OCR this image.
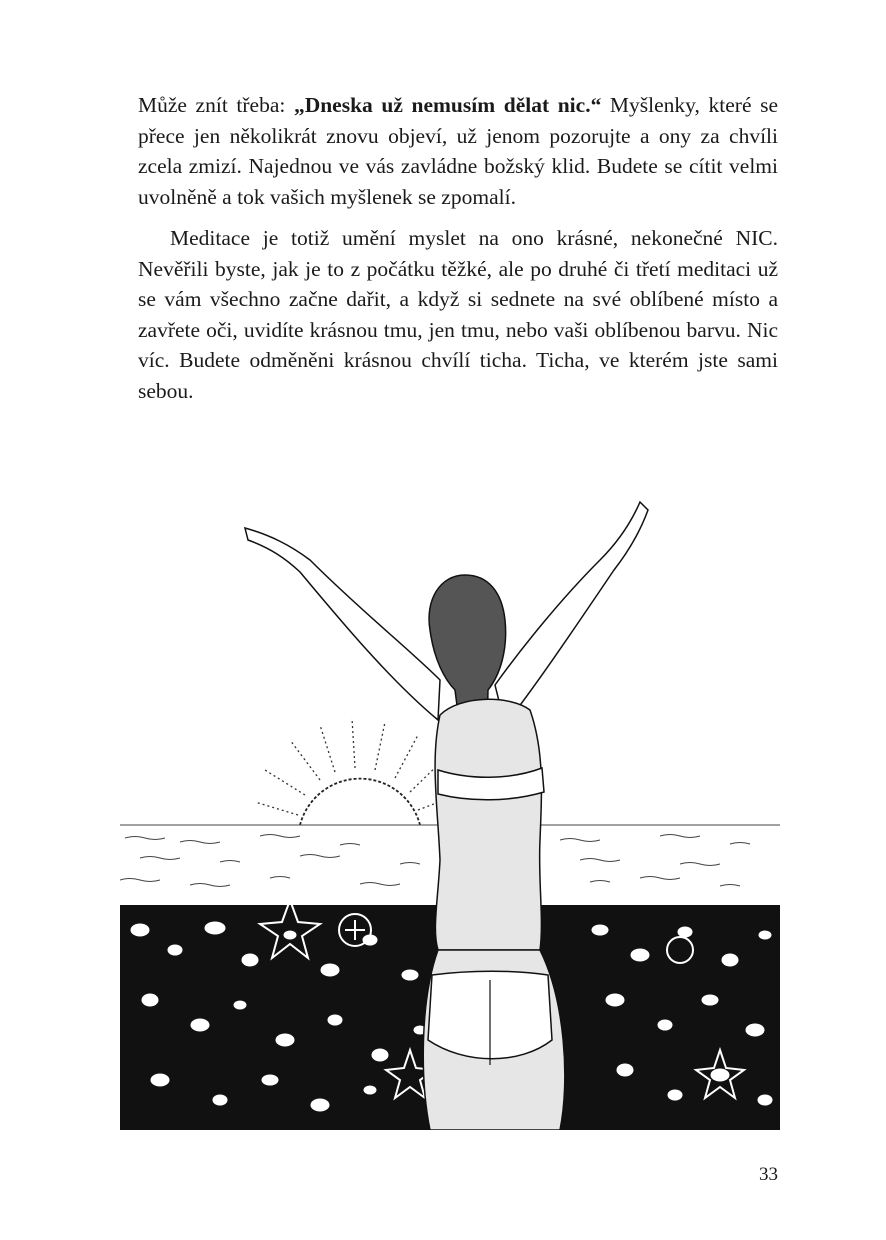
Může znít třeba: „Dneska už nemusím dělat nic.“ Myšlenky, které se přece jen několikrát znovu objeví, už jenom pozorujte a ony za chvíli zcela zmizí. Najednou ve vás zavládne božský klid. Budete se cítit velmi uvolněně a tok vašich myšlenek se zpomalí.

Meditace je totiž umění myslet na ono krásné, nekonečné NIC. Nevěřili byste, jak je to z počátku těžké, ale po druhé či třetí meditaci už se vám všechno začne dařit, a když si sednete na své oblíbené místo a zavřete oči, uvidíte krásnou tmu, jen tmu, nebo vaši oblíbenou barvu. Nic víc. Budete odměněni krásnou chvílí ticha. Ticha, ve kterém jste sami sebou.

33
